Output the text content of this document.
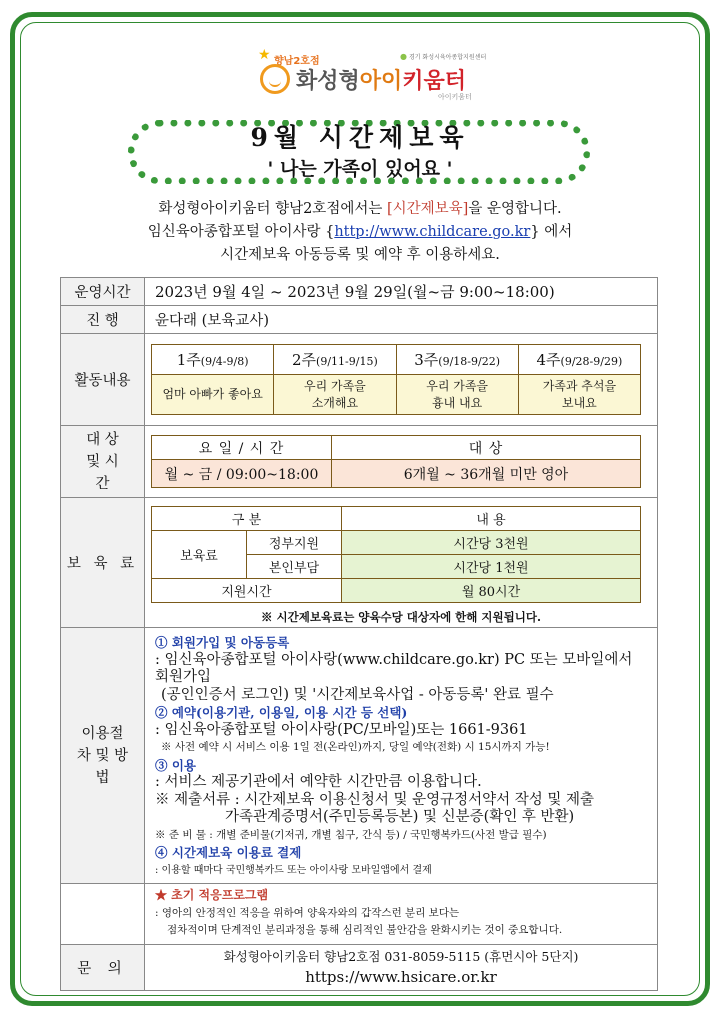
★ 향남2호점
●	경기 화성시육아종합지원센터
화성형아이키움터
아이키움터
9월 시간제보육
' 나는 가족이 있어요 '
화성형아이키움터 향남2호점에서는 [시간제보육]을 운영합니다.
임신육아종합포털 아이사랑 {http://www.childcare.go.kr} 에서
시간제보육 아동등록 및 예약 후 이용하세요.
운영시간	2023년 9월 4일 ~ 2023년 9월 29일(월~금 9:00~18:00)
진 행	윤다래 (보육교사)
활동내용	
1주(9/4-9/8)	2주(9/11-9/15)	3주(9/18-9/22)	4주(9/28-9/29)
엄마 아빠가 좋아요	우리 가족을 소개해요	우리 가족을 흉내 내요	가족과 추석을 보내요

대 상 및 시 간	
요 일 / 시 간	대 상
월 ~ 금 / 09:00~18:00	6개월 ~ 36개월 미만 영아

보 육 료	
구 분	내 용
보육료	정부지원	시간당 3천원
본인부담	시간당 1천원
지원시간	월 80시간
※ 시간제보육료는 양육수당 대상자에 한해 지원됩니다.

이용절차 및 방법	
① 회원가입 및 아동등록
: 임신육아종합포털 아이사랑(www.childcare.go.kr) PC 또는 모바일에서 회원가입
(공인인증서 로그인) 및 '시간제보육사업 - 아동등록' 완료 필수
② 예약(이용기관, 이용일, 이용 시간 등 선택)
: 임신육아종합포털 아이사랑(PC/모바일)또는 1661-9361
※ 사전 예약 시 서비스 이용 1일 전(온라인)까지, 당일 예약(전화) 시 15시까지 가능!
③ 이용
: 서비스 제공기관에서 예약한 시간만큼 이용합니다.
※ 제출서류 : 시간제보육 이용신청서 및 운영규정서약서 작성 및 제출
가족관계증명서(주민등록등본) 및 신분증(확인 후 반환)
※ 준 비 물 : 개별 준비물(기저귀, 개별 침구, 간식 등) / 국민행복카드(사전 발급 필수)
④ 시간제보육 이용료 결제
: 이용할 때마다 국민행복카드 또는 아이사랑 모바일앱에서 결제

★ 초기 적응프로그램
: 영아의 안정적인 적응을 위하여 양육자와의 갑작스런 분리 보다는
점차적이며 단계적인 분리과정을 통해 심리적인 불안감을 완화시키는 것이 중요합니다.

문 의	
화성형아이키움터 향남2호점 031-8059-5115 (휴먼시아 5단지)
https://www.hsicare.or.kr
